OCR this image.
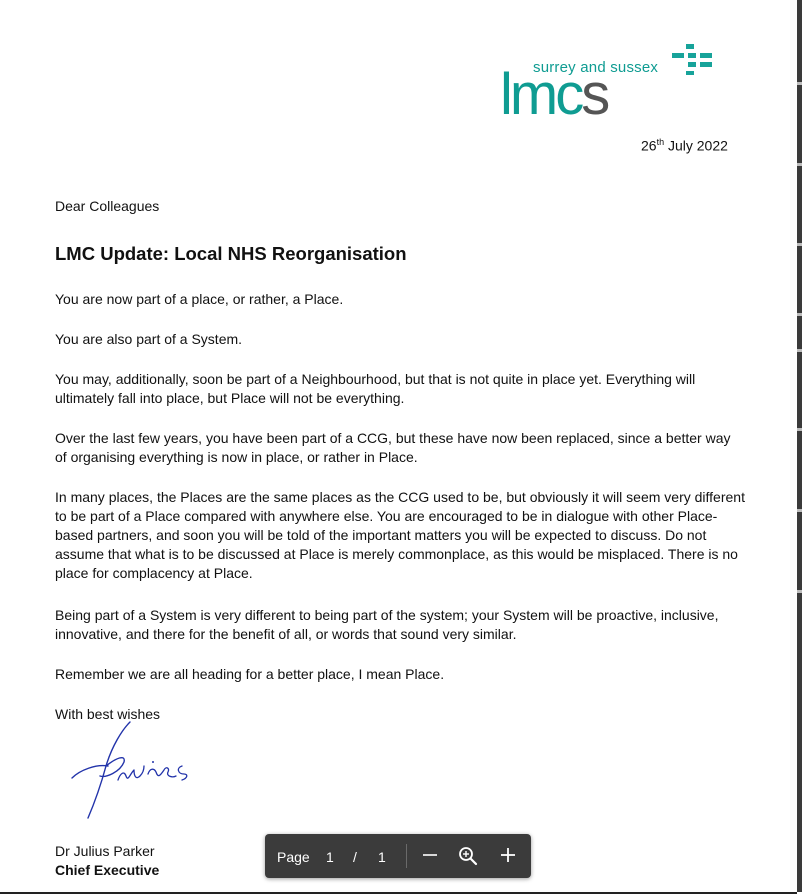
surrey and sussex
lmcs
26th July 2022
Dear Colleagues
LMC Update: Local NHS Reorganisation
You are now part of a place, or rather, a Place.
You are also part of a System.
You may, additionally, soon be part of a Neighbourhood, but that is not quite in place yet. Everything will ultimately fall into place, but Place will not be everything.
Over the last few years, you have been part of a CCG, but these have now been replaced, since a better way of organising everything is now in place, or rather in Place.
In many places, the Places are the same places as the CCG used to be, but obviously it will seem very different to be part of a Place compared with anywhere else. You are encouraged to be in dialogue with other Place-based partners, and soon you will be told of the important matters you will be expected to discuss. Do not assume that what is to be discussed at Place is merely commonplace, as this would be misplaced. There is no place for complacency at Place.
Being part of a System is very different to being part of the system; your System will be proactive, inclusive, innovative, and there for the benefit of all, or words that sound very similar.
Remember we are all heading for a better place, I mean Place.
With best wishes
Dr Julius Parker
Chief Executive
Page 1 / 1
